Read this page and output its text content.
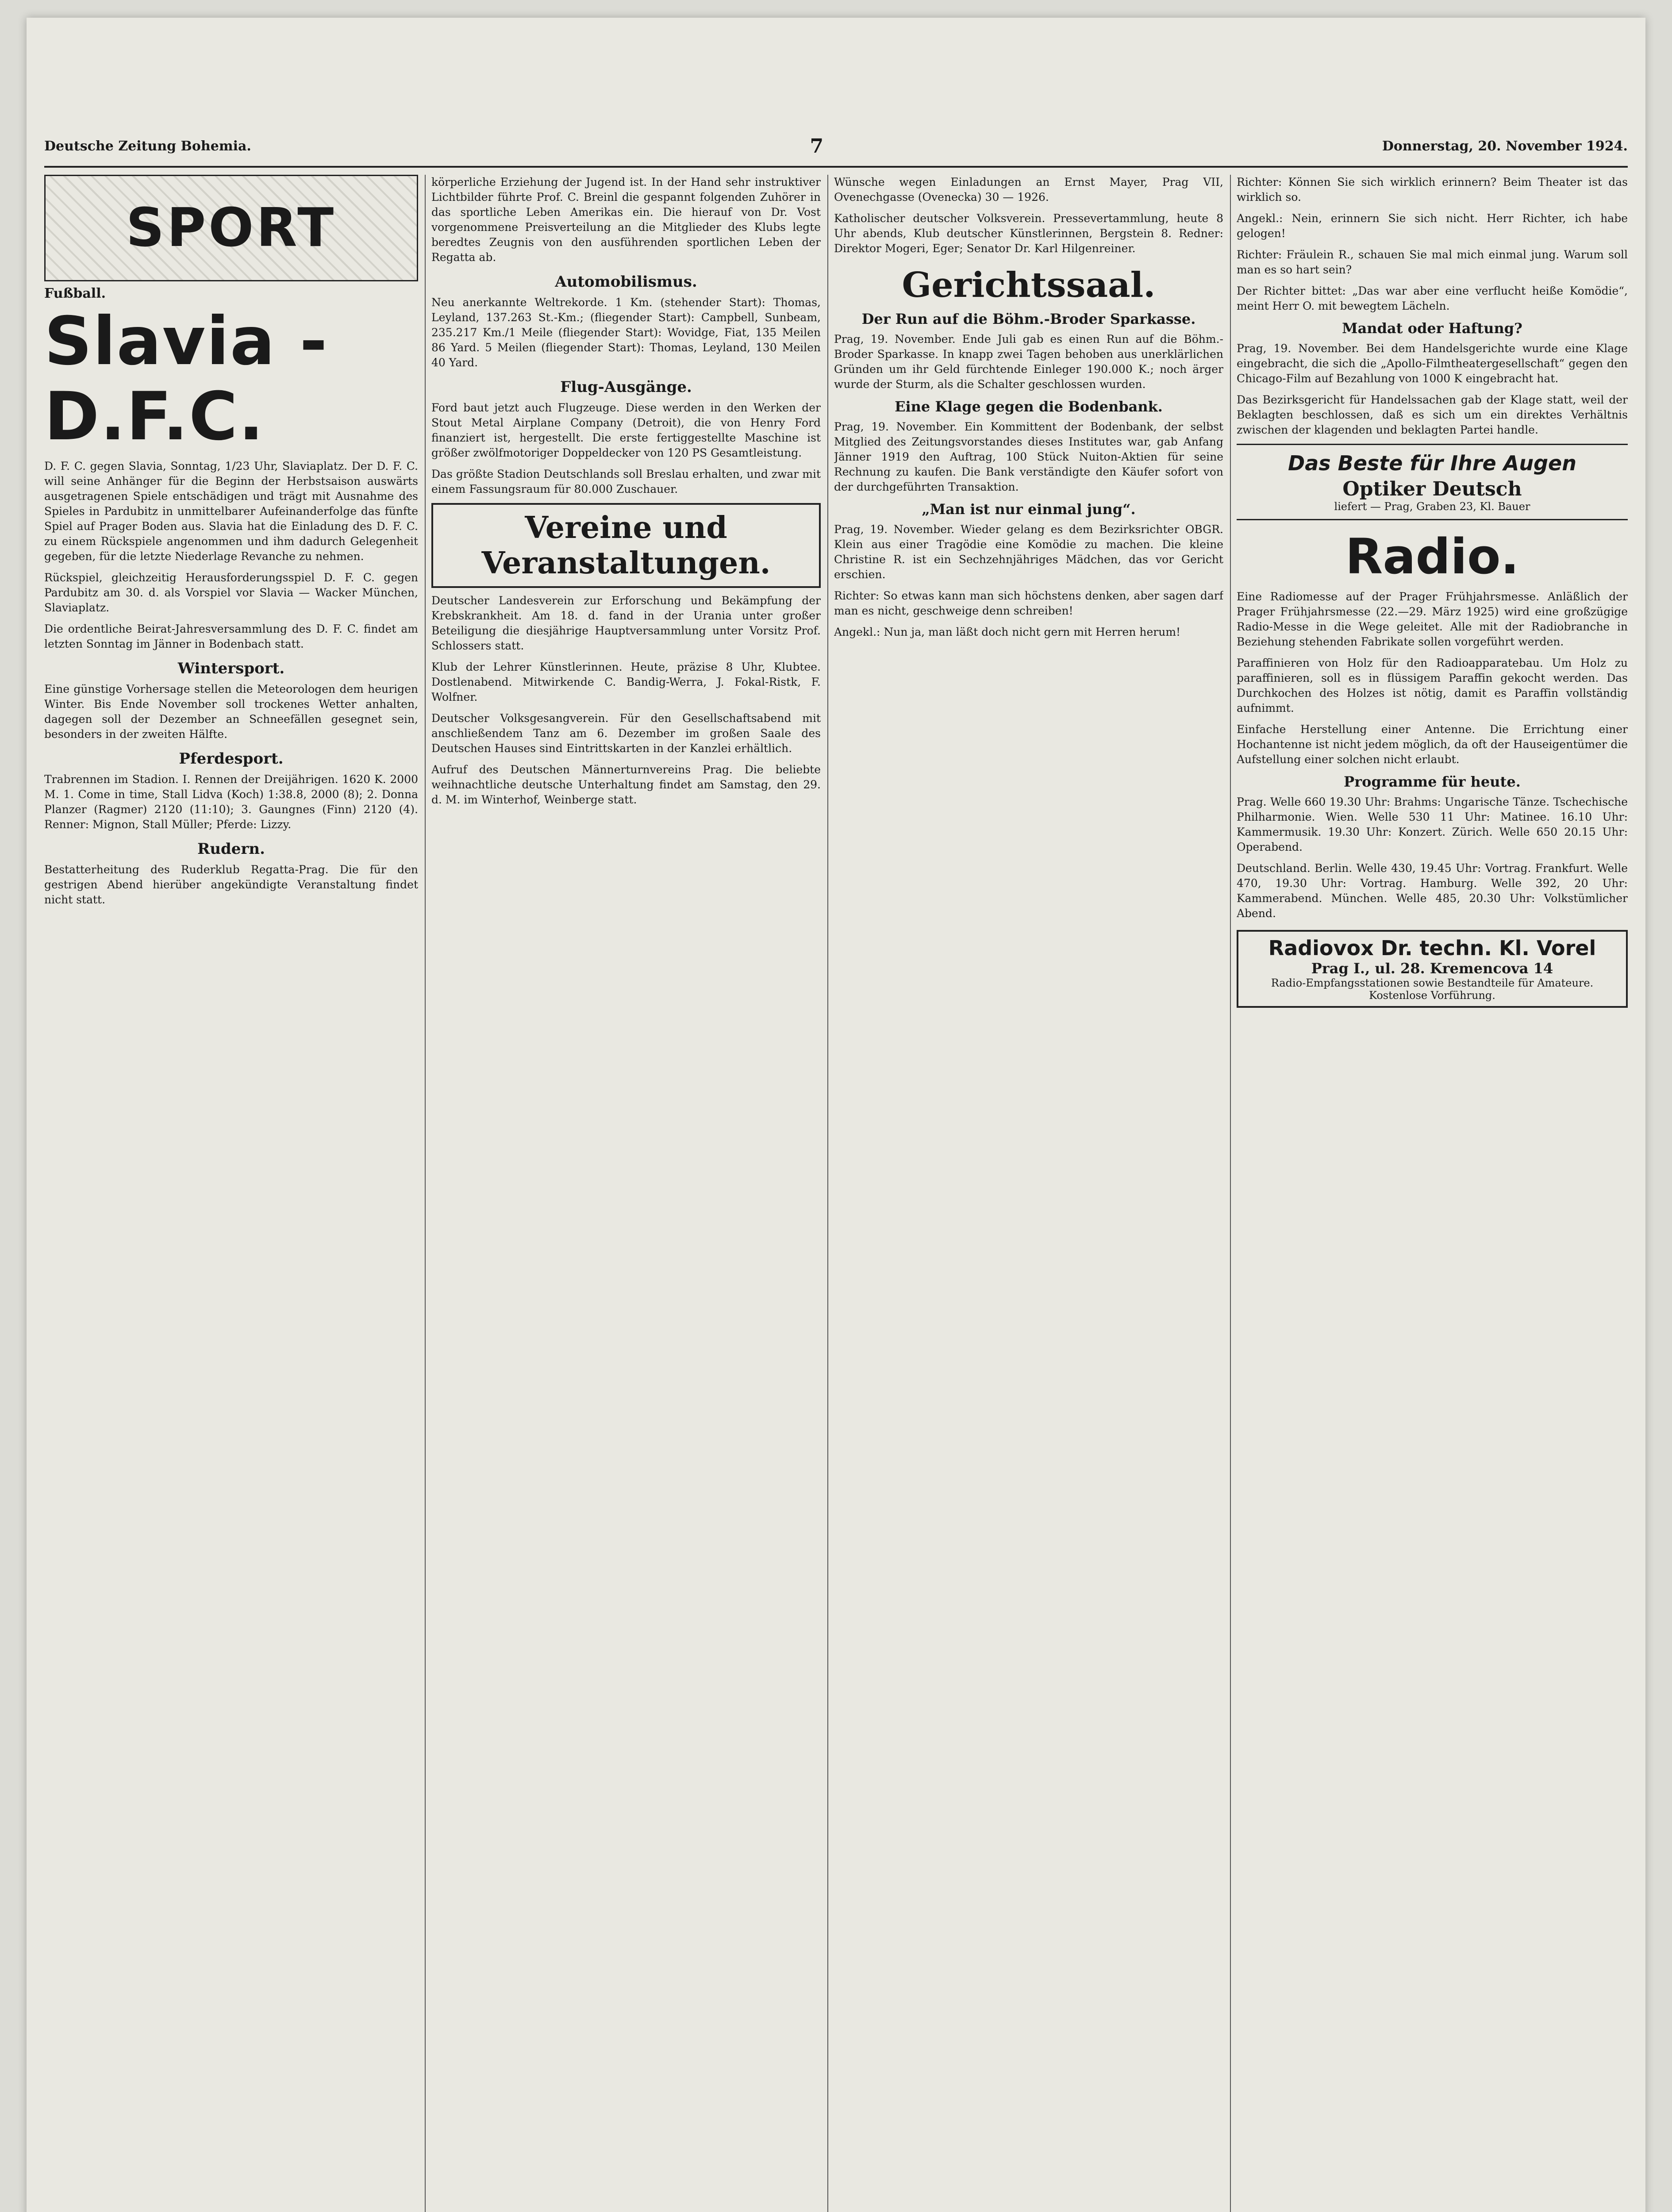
Deutsche Zeitung Bohemia.	7	Donnerstag, 20. November 1924.
SPORT
Fußball.
Slavia - D.F.C.

D. F. C. gegen Slavia, Sonntag, 1/23 Uhr, Slaviaplatz. Der D. F. C. will seine Anhänger für die Beginn der Herbstsaison auswärts ausgetragenen Spiele entschädigen und trägt mit Ausnahme des Spieles in Pardubitz in unmittelbarer Aufeinanderfolge das fünfte Spiel auf Prager Boden aus. Slavia hat die Einladung des D. F. C. zu einem Rückspiele angenommen und ihm dadurch Gelegenheit gegeben, für die letzte Niederlage Revanche zu nehmen.

Rückspiel, gleichzeitig Herausforderungsspiel D. F. C. gegen Pardubitz am 30. d. als Vorspiel vor Slavia — Wacker München, Slaviaplatz.

Die ordentliche Beirat-Jahresversammlung des D. F. C. findet am letzten Sonntag im Jänner in Bodenbach statt.

Wintersport.

Eine günstige Vorhersage stellen die Meteorologen dem heurigen Winter. Bis Ende November soll trockenes Wetter anhalten, dagegen soll der Dezember an Schneefällen gesegnet sein, besonders in der zweiten Hälfte.

Pferdesport.

Trabrennen im Stadion. I. Rennen der Dreijährigen. 1620 K. 2000 M. 1. Come in time, Stall Lidva (Koch) 1:38.8, 2000 (8); 2. Donna Planzer (Ragmer) 2120 (11:10); 3. Gaungnes (Finn) 2120 (4). Renner: Mignon, Stall Müller; Pferde: Lizzy.

Rudern.

Bestatterheitung des Ruderklub Regatta-Prag. Die für den gestrigen Abend hierüber angekündigte Veranstaltung findet nicht statt.

körperliche Erziehung der Jugend ist. In der Hand sehr instruktiver Lichtbilder führte Prof. C. Breinl die gespannt folgenden Zuhörer in das sportliche Leben Amerikas ein. Die hierauf von Dr. Vost vorgenommene Preisverteilung an die Mitglieder des Klubs legte beredtes Zeugnis von den ausführenden sportlichen Leben der Regatta ab.

Automobilismus.

Neu anerkannte Weltrekorde. 1 Km. (stehender Start): Thomas, Leyland, 137.263 St.-Km.; (fliegender Start): Campbell, Sunbeam, 235.217 Km./1 Meile (fliegender Start): Wovidge, Fiat, 135 Meilen 86 Yard. 5 Meilen (fliegender Start): Thomas, Leyland, 130 Meilen 40 Yard.

Flug-Ausgänge.

Ford baut jetzt auch Flugzeuge. Diese werden in den Werken der Stout Metal Airplane Company (Detroit), die von Henry Ford finanziert ist, hergestellt. Die erste fertiggestellte Maschine ist größer zwölfmotoriger Doppeldecker von 120 PS Gesamtleistung.

Das größte Stadion Deutschlands soll Breslau erhalten, und zwar mit einem Fassungsraum für 80.000 Zuschauer.

Vereine und Veranstaltungen.

Deutscher Landesverein zur Erforschung und Bekämpfung der Krebskrankheit. Am 18. d. fand in der Urania unter großer Beteiligung die diesjährige Hauptversammlung unter Vorsitz Prof. Schlossers statt.

Klub der Lehrer Künstlerinnen. Heute, präzise 8 Uhr, Klubtee. Dostlenabend. Mitwirkende C. Bandig-Werra, J. Fokal-Ristk, F. Wolfner.

Deutscher Volksgesangverein. Für den Gesellschaftsabend mit anschließendem Tanz am 6. Dezember im großen Saale des Deutschen Hauses sind Eintrittskarten in der Kanzlei erhältlich.

Aufruf des Deutschen Männerturnvereins Prag. Die beliebte weihnachtliche deutsche Unterhaltung findet am Samstag, den 29. d. M. im Winterhof, Weinberge statt.

Wünsche wegen Einladungen an Ernst Mayer, Prag VII, Ovenechgasse (Ovenecka) 30 — 1926.

Katholischer deutscher Volksverein. Pressevertammlung, heute 8 Uhr abends, Klub deutscher Künstlerinnen, Bergstein 8. Redner: Direktor Mogeri, Eger; Senator Dr. Karl Hilgenreiner.

Gerichtssaal.
Der Run auf die Böhm.-Broder Sparkasse.

Prag, 19. November. Ende Juli gab es einen Run auf die Böhm.-Broder Sparkasse. In knapp zwei Tagen behoben aus unerklärlichen Gründen um ihr Geld fürchtende Einleger 190.000 K.; noch ärger wurde der Sturm, als die Schalter geschlossen wurden.

Eine Klage gegen die Bodenbank.

Prag, 19. November. Ein Kommittent der Bodenbank, der selbst Mitglied des Zeitungsvorstandes dieses Institutes war, gab Anfang Jänner 1919 den Auftrag, 100 Stück Nuiton-Aktien für seine Rechnung zu kaufen. Die Bank verständigte den Käufer sofort von der durchgeführten Transaktion.

„Man ist nur einmal jung“.

Prag, 19. November. Wieder gelang es dem Bezirksrichter OBGR. Klein aus einer Tragödie eine Komödie zu machen. Die kleine Christine R. ist ein Sechzehnjähriges Mädchen, das vor Gericht erschien.

Richter: So etwas kann man sich höchstens denken, aber sagen darf man es nicht, geschweige denn schreiben!

Angekl.: Nun ja, man läßt doch nicht gern mit Herren herum!

Richter: Können Sie sich wirklich erinnern? Beim Theater ist das wirklich so.

Angekl.: Nein, erinnern Sie sich nicht. Herr Richter, ich habe gelogen!

Richter: Fräulein R., schauen Sie mal mich einmal jung. Warum soll man es so hart sein?

Der Richter bittet: „Das war aber eine verflucht heiße Komödie“, meint Herr O. mit bewegtem Lächeln.

Mandat oder Haftung?

Prag, 19. November. Bei dem Handelsgerichte wurde eine Klage eingebracht, die sich die „Apollo-Filmtheatergesellschaft“ gegen den Chicago-Film auf Bezahlung von 1000 K eingebracht hat.

Das Bezirksgericht für Handelssachen gab der Klage statt, weil der Beklagten beschlossen, daß es sich um ein direktes Verhältnis zwischen der klagenden und beklagten Partei handle.

Das Beste für Ihre Augen
Optiker Deutsch
liefert — Prag, Graben 23, Kl. Bauer
Radio.

Eine Radiomesse auf der Prager Frühjahrsmesse. Anläßlich der Prager Frühjahrsmesse (22.—29. März 1925) wird eine großzügige Radio-Messe in die Wege geleitet. Alle mit der Radiobranche in Beziehung stehenden Fabrikate sollen vorgeführt werden.

Paraffinieren von Holz für den Radioapparatebau. Um Holz zu paraffinieren, soll es in flüssigem Paraffin gekocht werden. Das Durchkochen des Holzes ist nötig, damit es Paraffin vollständig aufnimmt.

Einfache Herstellung einer Antenne. Die Errichtung einer Hochantenne ist nicht jedem möglich, da oft der Hauseigentümer die Aufstellung einer solchen nicht erlaubt.

Programme für heute.

Prag. Welle 660 19.30 Uhr: Brahms: Ungarische Tänze. Tschechische Philharmonie. Wien. Welle 530 11 Uhr: Matinee. 16.10 Uhr: Kammermusik. 19.30 Uhr: Konzert. Zürich. Welle 650 20.15 Uhr: Operabend.

Deutschland. Berlin. Welle 430, 19.45 Uhr: Vortrag. Frankfurt. Welle 470, 19.30 Uhr: Vortrag. Hamburg. Welle 392, 20 Uhr: Kammerabend. München. Welle 485, 20.30 Uhr: Volkstümlicher Abend.

Radiovox Dr. techn. Kl. Vorel
Prag I., ul. 28. Kremencova 14
Radio-Empfangsstationen sowie Bestandteile für Amateure. Kostenlose Vorführung.
